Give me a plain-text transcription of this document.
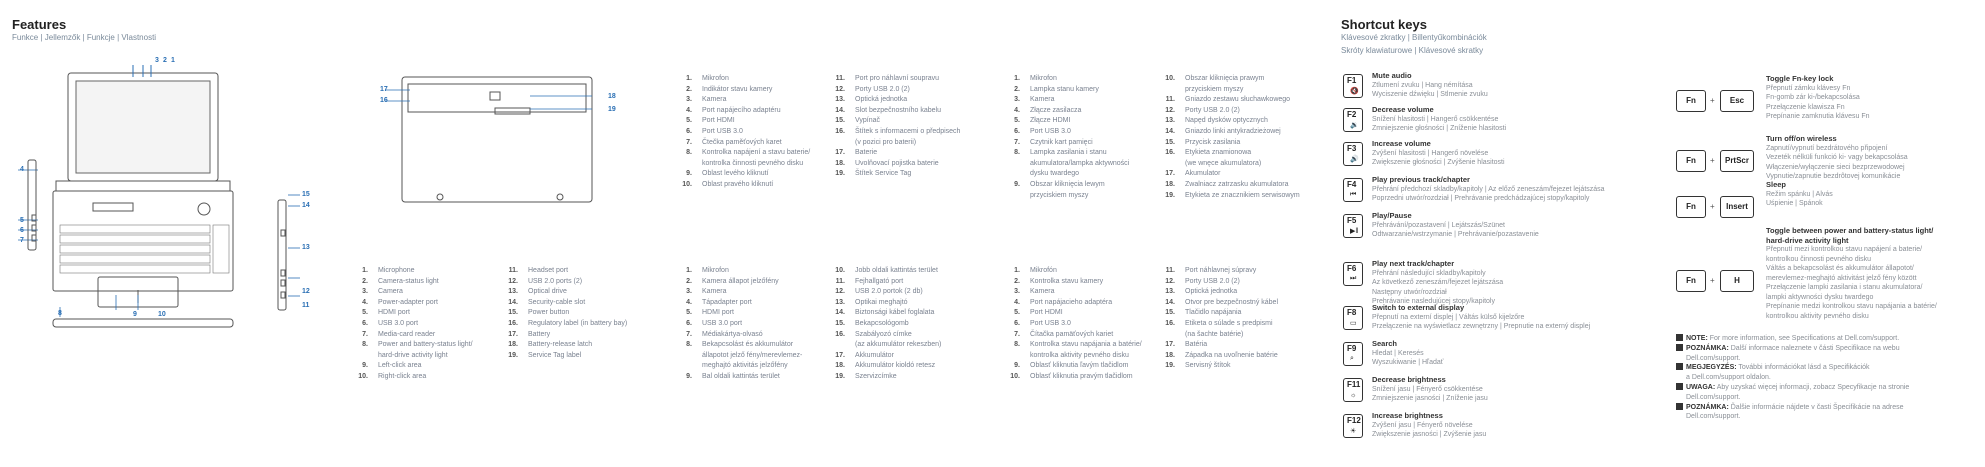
Features
Funkce | Jellemzők | Funkcje | Vlastnosti
3 2 1
4
5
6
7
8	9	10
15
14
13
12
11
17
16
18
19
1. Microphone
2. Camera-status light
3. Camera
4. Power-adapter port
5. HDMI port
6. USB 3.0 port
7. Media-card reader
8. Power and battery-status light/
hard-drive activity light
9. Left-click area
10. Right-click area
11. Headset port
12. USB 2.0 ports (2)
13. Optical drive
14. Security-cable slot
15. Power button
16. Regulatory label (in battery bay)
17. Battery
18. Battery-release latch
19. Service Tag label
1. Mikrofon
2. Indikátor stavu kamery
3. Kamera
4. Port napájecího adaptéru
5. Port HDMI
6. Port USB 3.0
7. Čtečka paměťových karet
8. Kontrolka napájení a stavu baterie/
kontrolka činnosti pevného disku
9. Oblast levého kliknutí
10. Oblast pravého kliknutí
11. Port pro náhlavní soupravu
12. Porty USB 2.0 (2)
13. Optická jednotka
14. Slot bezpečnostního kabelu
15. Vypínač
16. Štítek s informacemi o předpisech
(v pozici pro baterii)
17. Baterie
18. Uvolňovací pojistka baterie
19. Štítek Service Tag
1. Mikrofon
2. Kamera állapot jelzőfény
3. Kamera
4. Tápadapter port
5. HDMI port
6. USB 3.0 port
7. Médiakártya-olvasó
8. Bekapcsolást és akkumulátor
állapotot jelző fény/merevlemez-
meghajtó aktivitás jelzőfény
9. Bal oldali kattintás terület
10. Jobb oldali kattintás terület
11. Fejhallgató port
12. USB 2.0 portok (2 db)
13. Optikai meghajtó
14. Biztonsági kábel foglalata
15. Bekapcsológomb
16. Szabályozó címke
(az akkumulátor rekeszben)
17. Akkumulátor
18. Akkumulátor kioldó retesz
19. Szervizcímke
1. Mikrofon
2. Lampka stanu kamery
3. Kamera
4. Złącze zasilacza
5. Złącze HDMI
6. Port USB 3.0
7. Czytnik kart pamięci
8. Lampka zasilania i stanu
akumulatora/lampka aktywności
dysku twardego
9. Obszar kliknięcia lewym
przyciskiem myszy
10. Obszar kliknięcia prawym
przyciskiem myszy
11. Gniazdo zestawu słuchawkowego
12. Porty USB 2.0 (2)
13. Napęd dysków optycznych
14. Gniazdo linki antykradzieżowej
15. Przycisk zasilania
16. Etykieta znamionowa
(we wnęce akumulatora)
17. Akumulator
18. Zwalniacz zatrzasku akumulatora
19. Etykieta ze znacznikiem serwisowym
1. Mikrofón
2. Kontrolka stavu kamery
3. Kamera
4. Port napájacieho adaptéra
5. Port HDMI
6. Port USB 3.0
7. Čítačka pamäťových kariet
8. Kontrolka stavu napájania a batérie/
kontrolka aktivity pevného disku
9. Oblasť kliknutia ľavým tlačidlom
10. Oblasť kliknutia pravým tlačidlom
11. Port náhlavnej súpravy
12. Porty USB 2.0 (2)
13. Optická jednotka
14. Otvor pre bezpečnostný kábel
15. Tlačidlo napájania
16. Etiketa o súlade s predpismi
(na šachte batérie)
17. Batéria
18. Západka na uvoľnenie batérie
19. Servisný štítok
Shortcut keys
Klávesové zkratky | Billentyűkombinációk
Skróty klawiaturowe | Klávesové skratky
F1
🔇
Mute audio
Ztlumení zvuku | Hang némítása
Wyciszenie dźwięku | Stlmenie zvuku
F2
🔉
Decrease volume
Snížení hlasitosti | Hangerő csökkentése
Zmniejszenie głośności | Zníženie hlasitosti
F3
🔊
Increase volume
Zvýšení hlasitosti | Hangerő növelése
Zwiększenie głośności | Zvýšenie hlasitosti
F4
⏮
Play previous track/chapter
Přehrání předchozí skladby/kapitoly | Az előző zeneszám/fejezet lejátszása
Poprzedni utwór/rozdział | Prehrávanie predchádzajúcej stopy/kapitoly
F5
▶‖
Play/Pause
Přehrávání/pozastavení | Lejátszás/Szünet
Odtwarzanie/wstrzymanie | Prehrávanie/pozastavenie
F6
⏭
Play next track/chapter
Přehrání následující skladby/kapitoly
Az következő zeneszám/fejezet lejátszása
Następny utwór/rozdział
Prehrávanie nasledujúcej stopy/kapitoly
F8
▭
Switch to external display
Přepnutí na externí displej | Váltás külső kijelzőre
Przełączenie na wyświetlacz zewnętrzny | Prepnutie na externý displej
F9
⌕
Search
Hledat | Keresés
Wyszukiwanie | Hľadať
F11
☼
Decrease brightness
Snížení jasu | Fényerő csökkentése
Zmniejszenie jasności | Zníženie jasu
F12
☀
Increase brightness
Zvýšení jasu | Fényerő növelése
Zwiększenie jasności | Zvýšenie jasu
Fn	+	Esc
Toggle Fn-key lock
Přepnutí zámku klávesy Fn
Fn-gomb zár ki-/bekapcsolása
Przełączenie klawisza Fn
Prepínanie zamknutia klávesu Fn
Fn	+	PrtScr
Turn off/on wireless
Zapnutí/vypnutí bezdrátového připojení
Vezeték nélküli funkció ki- vagy bekapcsolása
Włączenie/wyłączenie sieci bezprzewodowej
Vypnutie/zapnutie bezdrôtovej komunikácie
Fn	+	Insert
Sleep
Režim spánku | Alvás
Uśpienie | Spánok
Fn	+	H
Toggle between power and battery-status light/
hard-drive activity light
Přepnutí mezi kontrolkou stavu napájení a baterie/
kontrolkou činnosti pevného disku
Váltás a bekapcsolást és akkumulátor állapotot/
merevlemez-meghajtó aktivitást jelző fény között
Przełączenie lampki zasilania i stanu akumulatora/
lampki aktywności dysku twardego
Prepínanie medzi kontrolkou stavu napájania a batérie/
kontrolkou aktivity pevného disku
NOTE: For more information, see Specifications at Dell.com/support.
POZNÁMKA: Další informace naleznete v části Specifikace na webu
Dell.com/support.
MEGJEGYZÉS: További információkat lásd a Specifikációk
a Dell.com/support oldalon.
UWAGA: Aby uzyskać więcej informacji, zobacz Specyfikacje na stronie
Dell.com/support.
POZNÁMKA: Ďalšie informácie nájdete v časti Špecifikácie na adrese
Dell.com/support.
